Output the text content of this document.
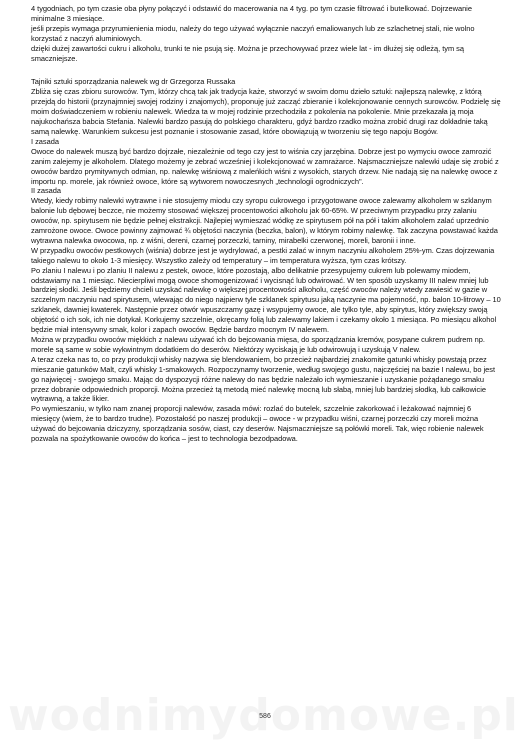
4 tygodniach, po tym czasie oba płyny połączyć i odstawić do macerowania na 4 tyg. po tym czasie filtrować i butelkować. Dojrzewanie minimalne 3 miesiące.

jeśli przepis wymaga przyrumienienia miodu, należy do tego używać wyłącznie naczyń emaliowanych lub ze szlachetnej stali, nie wolno korzystać z naczyń aluminiowych.

dzięki dużej zawartości cukru i alkoholu, trunki te nie psują się. Można je przechowywać przez wiele lat - im dłużej się odleżą, tym są smaczniejsze.

Tajniki sztuki sporządzania nalewek wg dr Grzegorza Russaka

Zbliża się czas zbioru surowców. Tym, którzy chcą tak jak tradycja każe, stworzyć w swoim domu dzieło sztuki: najlepszą nalewkę, z którą przejdą do historii (przynajmniej swojej rodziny i znajomych), proponuję już zacząć zbieranie i kolekcjonowanie cennych surowców. Podzielę się moim doświadczeniem w robieniu nalewek. Wiedza ta w mojej rodzinie przechodziła z pokolenia na pokolenie. Mnie przekazała ją moja najukochańsza babcia Stefania. Nalewki bardzo pasują do polskiego charakteru, gdyż bardzo rzadko można zrobić drugi raz dokładnie taką samą nalewkę. Warunkiem sukcesu jest poznanie i stosowanie zasad, które obowiązują w tworzeniu się tego napoju Bogów.

I zasada

Owoce do nalewek muszą być bardzo dojrzałe, niezależnie od tego czy jest to wiśnia czy jarzębina. Dobrze jest po wymyciu owoce zamrozić zanim zalejemy je alkoholem. Dlatego możemy je zebrać wcześniej i kolekcjonować w zamrażarce. Najsmaczniejsze nalewki udaje się zrobić z owoców bardzo prymitywnych odmian, np. nalewkę wiśniową z maleńkich wiśni z wysokich, starych drzew. Nie nadają się na nalewkę owoce z importu np. morele, jak również owoce, które są wytworem nowoczesnych „technologii ogrodniczych".

II zasada

Wtedy, kiedy robimy nalewki wytrawne i nie stosujemy miodu czy syropu cukrowego i przygotowane owoce zalewamy alkoholem w szklanym balonie lub dębowej beczce, nie możemy stosować większej procentowości alkoholu jak 60-65%. W przeciwnym przypadku przy zalaniu owoców, np. spirytusem nie będzie pełnej ekstrakcji. Najlepiej wymieszać wódkę ze spirytusem pół na pół i takim alkoholem zalać uprzednio zamrożone owoce. Owoce powinny zajmować ¾ objętości naczynia (beczka, balon), w którym robimy nalewkę. Tak zaczyna powstawać każda wytrawna nalewka owocowa, np. z wiśni, dereni, czarnej porzeczki, tarniny, mirabelki czerwonej, moreli, baronii i inne.

W przypadku owoców pestkowych (wiśnia) dobrze jest je wydrylować, a pestki zalać w innym naczyniu alkoholem 25%-ym. Czas dojrzewania takiego nalewu to około 1-3 miesięcy. Wszystko zależy od temperatury – im temperatura wyższa, tym czas krótszy.

Po zlaniu I nalewu i po zlaniu II nalewu z pestek, owoce, które pozostają, albo delikatnie przesypujemy cukrem lub polewamy miodem, odstawiamy na 1 miesiąc. Niecierpliwi mogą owoce shomogenizować i wycisnąć lub odwirować. W ten sposób uzyskamy III nalew mniej lub bardziej słodki. Jeśli będziemy chcieli uzyskać nalewkę o większej procentowości alkoholu, część owoców należy wtedy zawiesić w gazie w szczelnym naczyniu nad spirytusem, wlewając do niego najpierw tyle szklanek spirytusu jaką naczynie ma pojemność, np. balon 10-litrowy – 10 szklanek, dawniej kwaterek. Następnie przez otwór wpuszczamy gazę i wsypujemy owoce, ale tylko tyle, aby spirytus, który zwiększy swoją objętość o ich sok, ich nie dotykał. Korkujemy szczelnie, okręcamy folią lub zalewamy lakiem i czekamy około 1 miesiąca. Po miesiącu alkohol będzie miał intensywny smak, kolor i zapach owoców. Będzie bardzo mocnym IV nalewem.

Można w przypadku owoców miękkich z nalewu używać ich do bejcowania mięsa, do sporządzania kremów, posypane cukrem pudrem np. morele są same w sobie wykwintnym dodatkiem do deserów. Niektórzy wyciskają je lub odwirowują i uzyskują V nalew.

A teraz czeka nas to, co przy produkcji whisky nazywa się blendowaniem, bo przecież najbardziej znakomite gatunki whisky powstają przez mieszanie gatunków Malt, czyli whisky 1-smakowych. Rozpoczynamy tworzenie, według swojego gustu, najczęściej na bazie I nalewu, bo jest go najwięcej - swojego smaku. Mając do dyspozycji różne nalewy do nas będzie należało ich wymieszanie i uzyskanie pożądanego smaku przez dobranie odpowiednich proporcji. Można przecież tą metodą mieć nalewkę mocną lub słabą, mniej lub bardziej słodką, lub całkowicie wytrawną, a także likier.

Po wymieszaniu, w tylko nam znanej proporcji nalewów, zasada mówi: rozlać do butelek, szczelnie zakorkować i leżakować najmniej 6 miesięcy (wiem, że to bardzo trudne). Pozostałość po naszej produkcji – owoce - w przypadku wiśni, czarnej porzeczki czy moreli można używać do bejcowania dziczyzny, sporządzania sosów, ciast, czy deserów. Najsmaczniejsze są połówki moreli. Tak, więc robienie nalewek pozwala na spożytkowanie owoców do końca – jest to technologia bezodpadowa.

586
